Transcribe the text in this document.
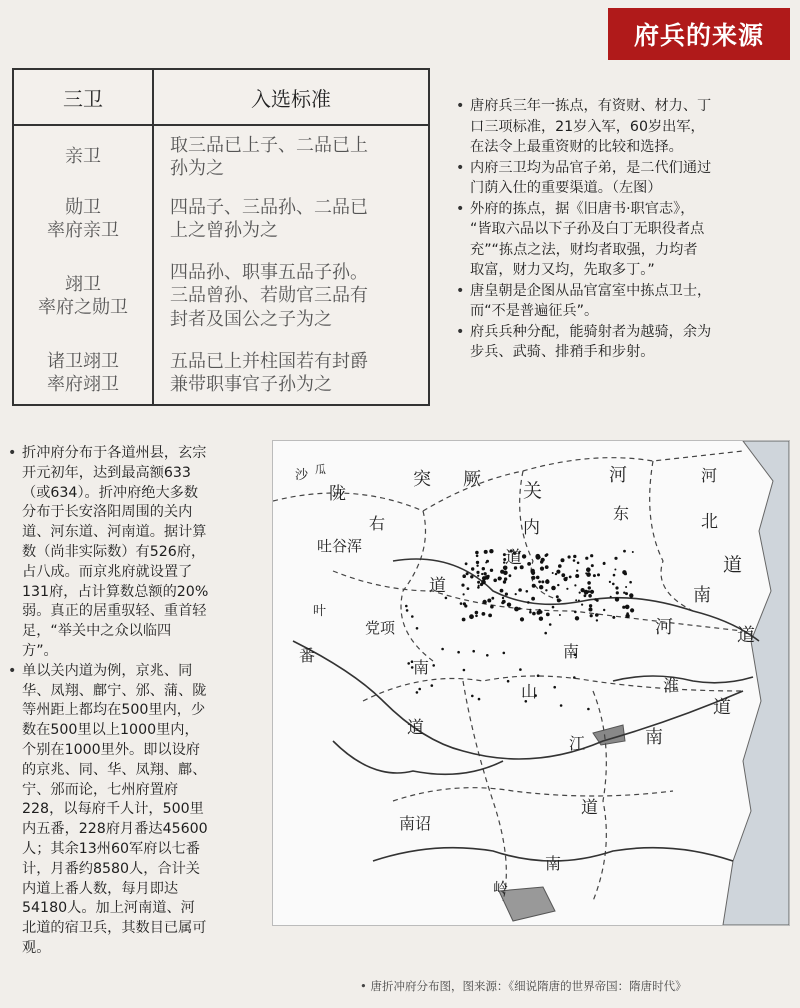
府兵的来源
三卫	入选标准

亲卫	取三品已上子、二品已上
孙为之

勋卫
率府亲卫	四品子、三品孙、二品已
上之曾孙为之

翊卫
率府之勋卫	四品孙、职事五品子孙。
三品曾孙、若勋官三品有
封者及国公之子为之

诸卫翊卫
率府翊卫	五品已上并柱国若有封爵
兼带职事官子孙为之
• 唐府兵三年一拣点，有资财、材力、丁
口三项标准，21岁入军，60岁出军，
在法令上最重资财的比较和选择。
• 内府三卫均为品官子弟，是二代们通过
门荫入仕的重要渠道。（左图）
• 外府的拣点，据《旧唐书·职官志》，
“皆取六品以下子孙及白丁无职役者点
充”“拣点之法，财均者取强，力均者
取富，财力又均，先取多丁。”
• 唐皇朝是企图从品官富室中拣点卫士，
而“不是普遍征兵”。
• 府兵兵种分配，能骑射者为越骑，余为
步兵、武骑、排矟手和步射。
• 折冲府分布于各道州县，玄宗
开元初年，达到最高额633
（或634）。折冲府绝大多数
分布于长安洛阳周围的关内
道、河东道、河南道。据计算
数（尚非实际数）有526府，
占八成。而京兆府就设置了
131府，占计算数总额的20%
弱。真正的居重驭轻、重首轻
足，“举关中之众以临四
方”。
• 单以关内道为例，京兆、同
华、凤翔、鄜宁、邠、蒲、陇
等州距上都均在500里内，少
数在500里以上1000里内，
个别在1000里外。即以设府
的京兆、同、华、凤翔、鄜、
宁、邠而论，七州府置府
228，以每府千人计，500里
内五番，228府月番达45600
人；其余13州60军府以七番
计，月番约8580人，合计关
内道上番人数，每月即达
54180人。加上河南道、河
北道的宿卫兵，其数目已属可
观。
沙 瓜	突 厥
陇	关
河	河
东	北
内
右
吐谷浑
道
道
道
南
河	道
叶
党项
番
南
道
山
南
淮
道
南
江
南诏
道
南
岭
• 唐折冲府分布图，图来源：《细说隋唐的世界帝国：隋唐时代》
